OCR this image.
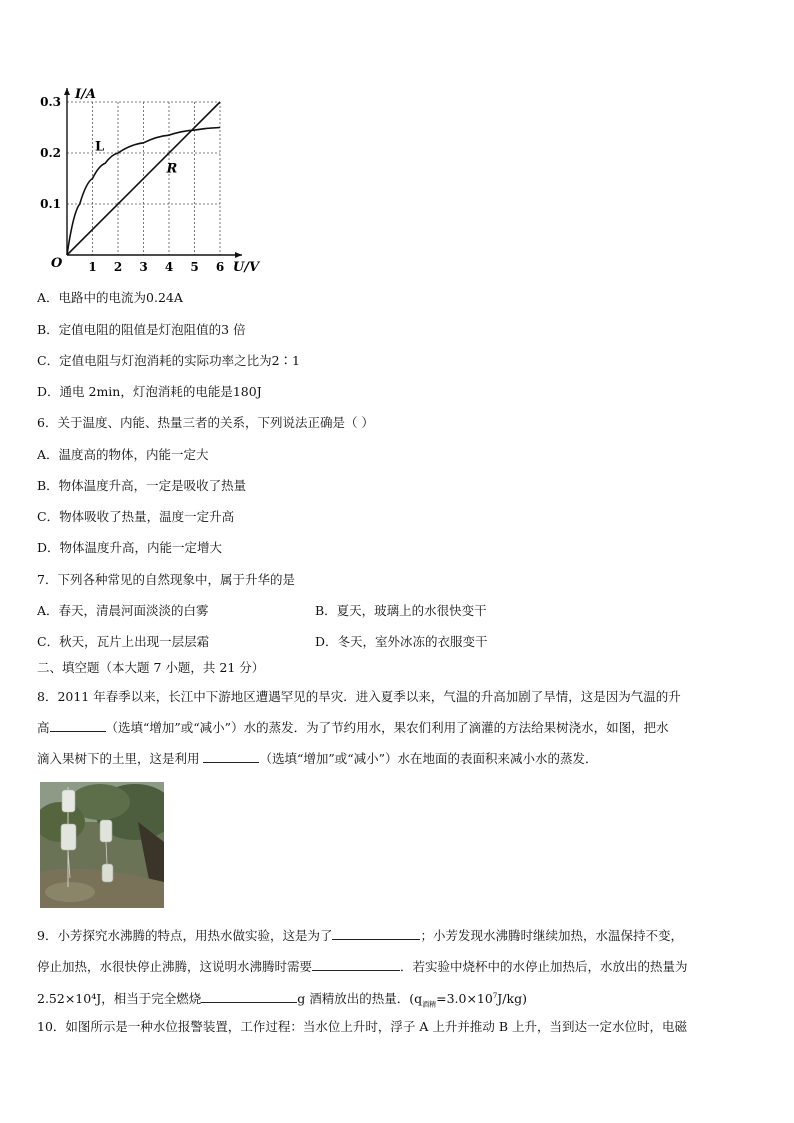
L
R
1 2 3 4 5 6
0.1
0.2
0.3
O	U/V
I/A
A．电路中的电流为0.24A
B．定值电阻的阻值是灯泡阻值的3 倍
C．定值电阻与灯泡消耗的实际功率之比为2∶1
D．通电 2min，灯泡消耗的电能是180J
6．关于温度、内能、热量三者的关系，下列说法正确是（ ）
A．温度高的物体，内能一定大
B．物体温度升高，一定是吸收了热量
C．物体吸收了热量，温度一定升高
D．物体温度升高，内能一定增大
7．下列各种常见的自然现象中，属于升华的是
A．春天，清晨河面淡淡的白雾	B．夏天，玻璃上的水很快变干
C．秋天，瓦片上出现一层层霜	D．冬天，室外冰冻的衣服变干
二、填空题（本大题 7 小题，共 21 分）
8．2011 年春季以来，长江中下游地区遭遇罕见的旱灾．进入夏季以来，气温的升高加剧了旱情，这是因为气温的升
高	（选填“增加”或“减小”）水的蒸发．为了节约用水，果农们利用了滴灌的方法给果树浇水，如图，把水
滴入果树下的土里，这是利用	（选填“增加”或“减小”）水在地面的表面积来减小水的蒸发．
9．小芳探究水沸腾的特点，用热水做实验，这是为了	；小芳发现水沸腾时继续加热，水温保持不变，
停止加热，水很快停止沸腾，这说明水沸腾时需要	．若实验中烧杯中的水停止加热后，水放出的热量为
2.52×10⁴J，相当于完全燃烧	g 酒精放出的热量．$(q_{酒精}=3.0\times 10^7J/kg)$
10．如图所示是一种水位报警装置，工作过程：当水位上升时，浮子 A 上升并推动 B 上升，当到达一定水位时，电磁
